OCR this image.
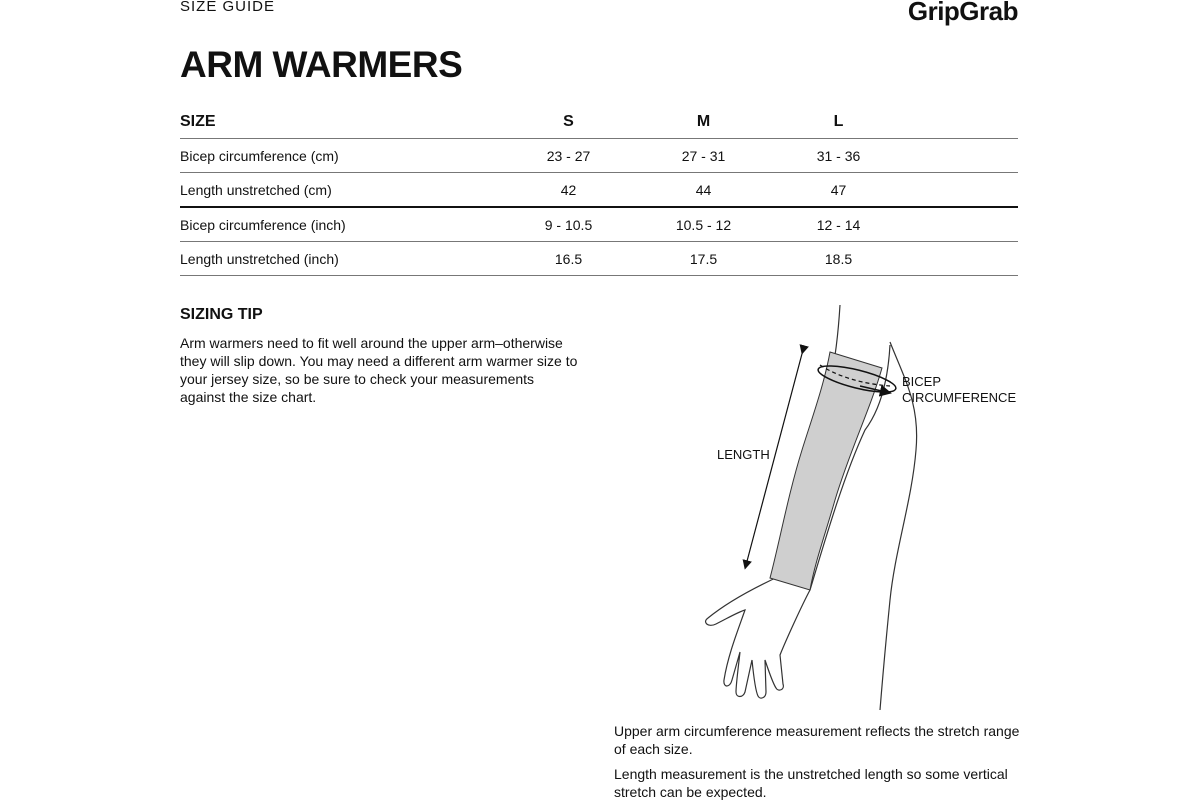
SIZE GUIDE	GripGrab
ARM WARMERS
SIZE	S	M	L	
Bicep circumference (cm)	23 - 27	27 - 31	31 - 36	
Length unstretched (cm)	42	44	47	
Bicep circumference (inch)	9 - 10.5	10.5 - 12	12 - 14	
Length unstretched (inch)	16.5	17.5	18.5	
SIZING TIP

Arm warmers need to fit well around the upper arm–otherwise they will slip down. You may need a different arm warmer size to your jersey size, so be sure to check your measurements against the size chart.

LENGTH
BICEP
CIRCUMFERENCE

Upper arm circumference measurement reflects the stretch range of each size.

Length measurement is the unstretched length so some vertical stretch can be expected.
